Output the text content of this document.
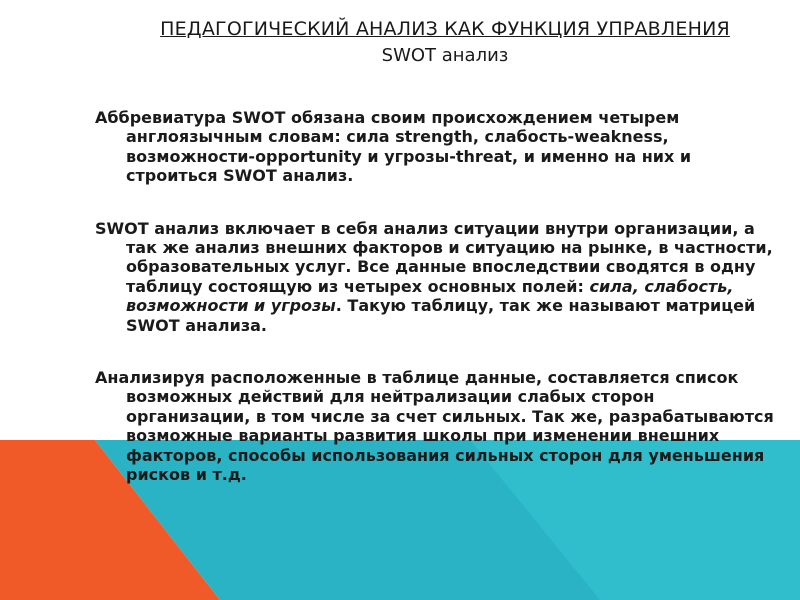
ПЕДАГОГИЧЕСКИЙ АНАЛИЗ КАК ФУНКЦИЯ УПРАВЛЕНИЯ
SWOT анализ

Аббревиатура SWOT обязана своим происхождением четырем англоязычным словам: сила strength, слабость-weakness, возможности-opportunity и угрозы-threat, и именно на них и строиться SWOT анализ.

SWOT анализ включает в себя анализ ситуации внутри организации, а так же анализ внешних факторов и ситуацию на рынке, в частности, образовательных услуг. Все данные впоследствии сводятся в одну таблицу состоящую из четырех основных полей: сила, слабость, возможности и угрозы. Такую таблицу, так же называют матрицей SWOT анализа.

Анализируя расположенные в таблице данные, составляется список возможных действий для нейтрализации слабых сторон организации, в том числе за счет сильных. Так же, разрабатываются возможные варианты развития школы при изменении внешних факторов, способы использования сильных сторон для уменьшения рисков и т.д.
